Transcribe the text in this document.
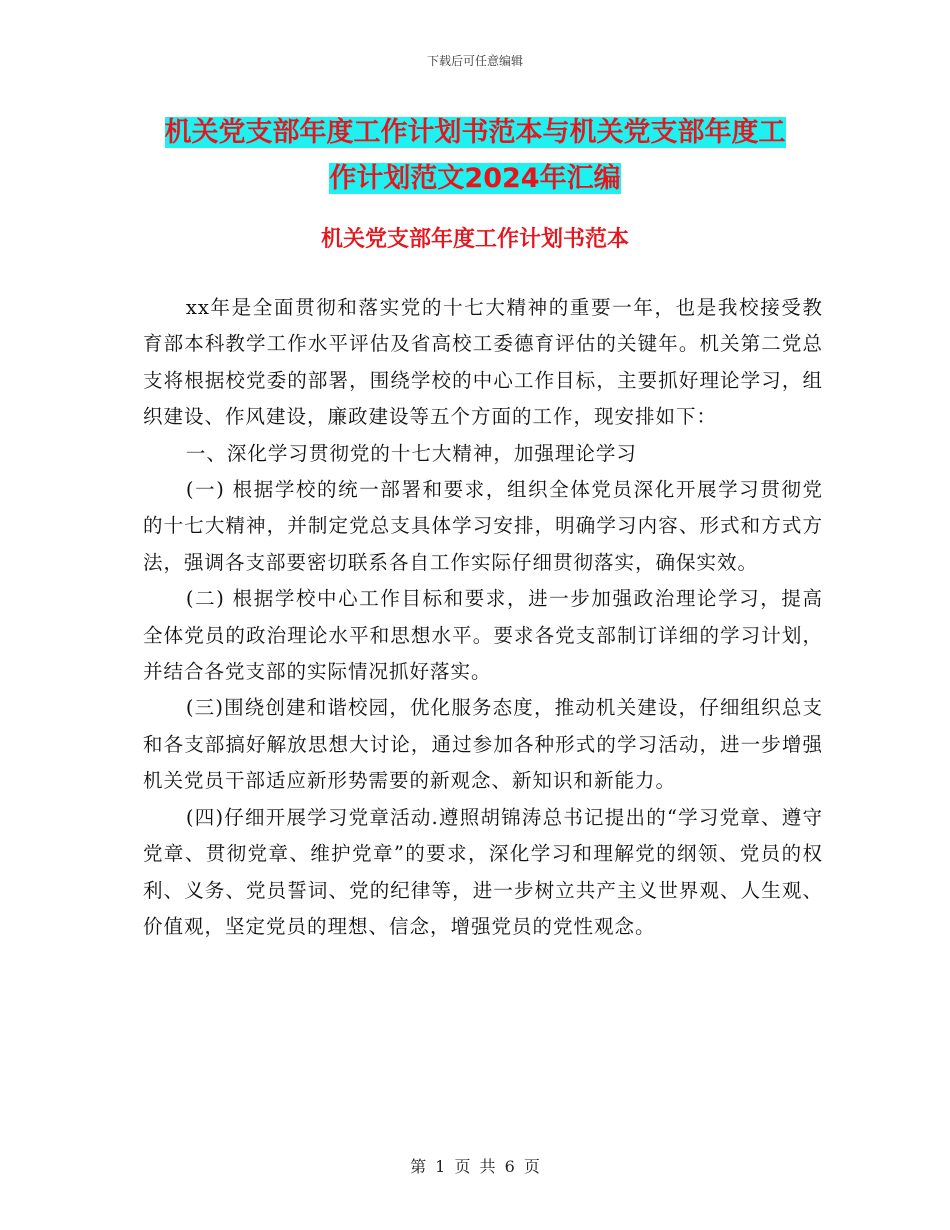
下载后可任意编辑
机关党支部年度工作计划书范本与机关党支部年度工
作计划范文2024年汇编
机关党支部年度工作计划书范本

xx年是全面贯彻和落实党的十七大精神的重要一年，也是我校接受教育部本科教学工作水平评估及省高校工委德育评估的关键年。机关第二党总支将根据校党委的部署，围绕学校的中心工作目标，主要抓好理论学习，组织建设、作风建设，廉政建设等五个方面的工作，现安排如下：

一、深化学习贯彻党的十七大精神，加强理论学习

(一) 根据学校的统一部署和要求，组织全体党员深化开展学习贯彻党的十七大精神，并制定党总支具体学习安排，明确学习内容、形式和方式方法，强调各支部要密切联系各自工作实际仔细贯彻落实，确保实效。

(二) 根据学校中心工作目标和要求，进一步加强政治理论学习，提高全体党员的政治理论水平和思想水平。要求各党支部制订详细的学习计划，并结合各党支部的实际情况抓好落实。

(三)围绕创建和谐校园，优化服务态度，推动机关建设，仔细组织总支和各支部搞好解放思想大讨论，通过参加各种形式的学习活动，进一步增强机关党员干部适应新形势需要的新观念、新知识和新能力。

(四)仔细开展学习党章活动.遵照胡锦涛总书记提出的“学习党章、遵守党章、贯彻党章、维护党章”的要求，深化学习和理解党的纲领、党员的权利、义务、党员誓词、党的纪律等，进一步树立共产主义世界观、人生观、价值观，坚定党员的理想、信念，增强党员的党性观念。

第 1 页 共 6 页
